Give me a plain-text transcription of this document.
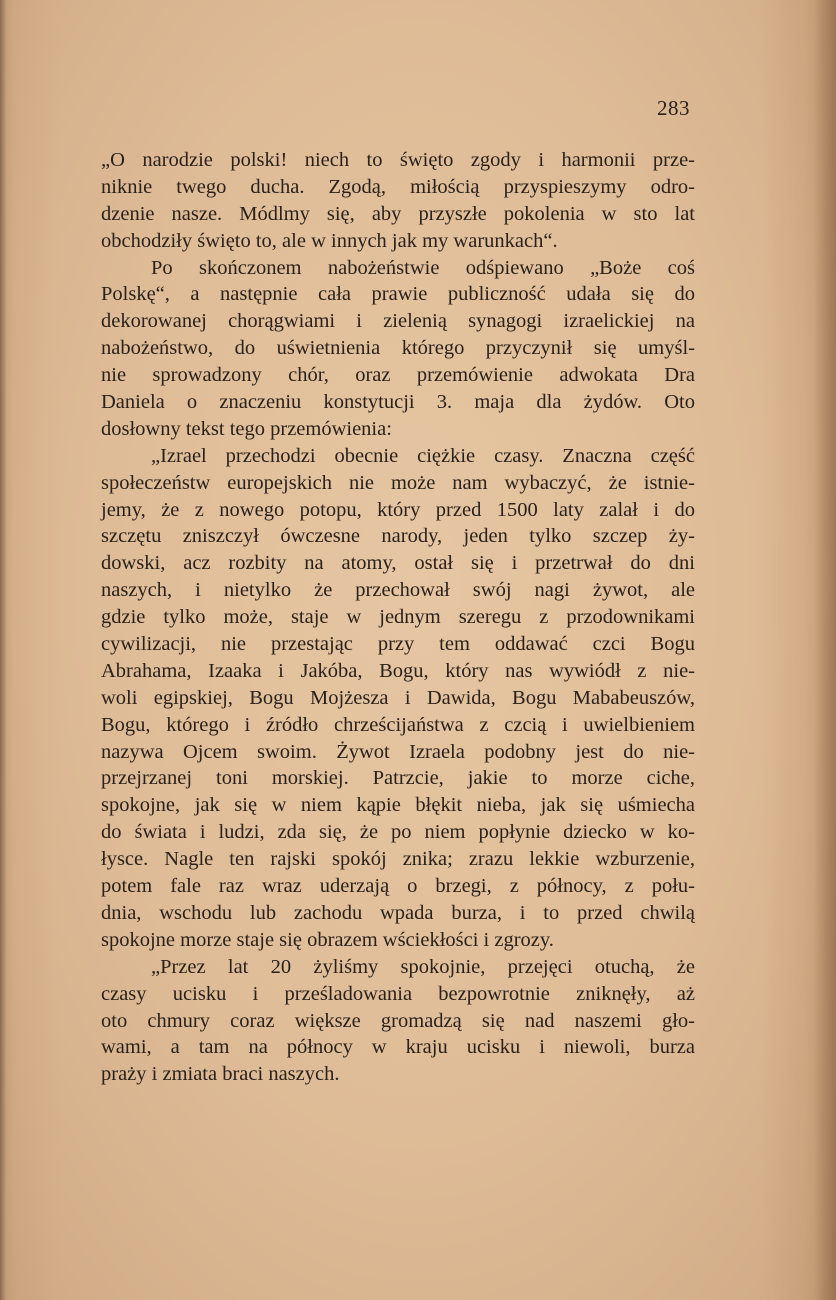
283
„O narodzie polski! niech to święto zgody i harmonii prze-
niknie twego ducha. Zgodą, miłością przyspieszymy odro-
dzenie nasze. Módlmy się, aby przyszłe pokolenia w sto lat
obchodziły święto to, ale w innych jak my warunkach“.
Po skończonem nabożeństwie odśpiewano „Boże coś
Polskę“, a następnie cała prawie publiczność udała się do
dekorowanej chorągwiami i zielenią synagogi izraelickiej na
nabożeństwo, do uświetnienia którego przyczynił się umyśl-
nie sprowadzony chór, oraz przemówienie adwokata Dra
Daniela o znaczeniu konstytucji 3. maja dla żydów. Oto
dosłowny tekst tego przemówienia:
„Izrael przechodzi obecnie ciężkie czasy. Znaczna część
społeczeństw europejskich nie może nam wybaczyć, że istnie-
jemy, że z nowego potopu, który przed 1500 laty zalał i do
szczętu zniszczył ówczesne narody, jeden tylko szczep ży-
dowski, acz rozbity na atomy, ostał się i przetrwał do dni
naszych, i nietylko że przechował swój nagi żywot, ale
gdzie tylko może, staje w jednym szeregu z przodownikami
cywilizacji, nie przestając przy tem oddawać czci Bogu
Abrahama, Izaaka i Jakóba, Bogu, który nas wywiódł z nie-
woli egipskiej, Bogu Mojżesza i Dawida, Bogu Mababeuszów,
Bogu, którego i źródło chrześcijaństwa z czcią i uwielbieniem
nazywa Ojcem swoim. Żywot Izraela podobny jest do nie-
przejrzanej toni morskiej. Patrzcie, jakie to morze ciche,
spokojne, jak się w niem kąpie błękit nieba, jak się uśmiecha
do świata i ludzi, zda się, że po niem popłynie dziecko w ko-
łysce. Nagle ten rajski spokój znika; zrazu lekkie wzburzenie,
potem fale raz wraz uderzają o brzegi, z północy, z połu-
dnia, wschodu lub zachodu wpada burza, i to przed chwilą
spokojne morze staje się obrazem wściekłości i zgrozy.
„Przez lat 20 żyliśmy spokojnie, przejęci otuchą, że
czasy ucisku i prześladowania bezpowrotnie zniknęły, aż
oto chmury coraz większe gromadzą się nad naszemi gło-
wami, a tam na północy w kraju ucisku i niewoli, burza
praży i zmiata braci naszych.
